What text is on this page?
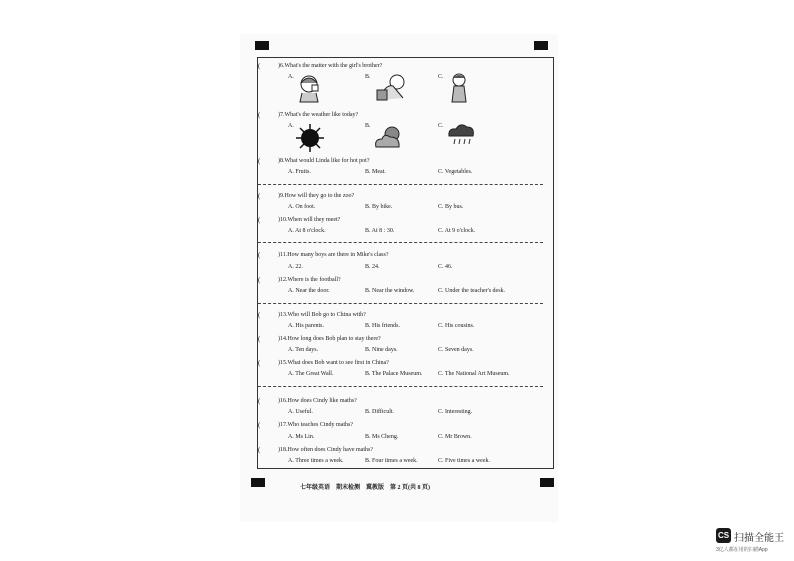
(	)6.What's the matter with the girl's brother?
A.	B.	C.
(	)7.What's the weather like today?
A.	B.	C.
(	)8.What would Linda like for hot pot?
A. Fruits.	B. Meat.	C. Vegetables.
(	)9.How will they go to the zoo?
A. On foot.	B. By bike.	C. By bus.
(	)10.When will they meet?
A. At 8 o'clock.	B. At 8 : 30.	C. At 9 o'clock.
(	)11.How many boys are there in Mike's class?
A. 22.	B. 24.	C. 46.
(	)12.Where is the football?
A. Near the door.	B. Near the window.	C. Under the teacher's desk.
(	)13.Who will Bob go to China with?
A. His parents.	B. His friends.	C. His cousins.
(	)14.How long does Bob plan to stay there?
A. Ten days.	B. Nine days.	C. Seven days.
(	)15.What does Bob want to see first in China?
A. The Great Wall.	B. The Palace Museum.	C. The National Art Museum.
(	)16.How does Cindy like maths?
A. Useful.	B. Difficult.	C. Interesting.
(	)17.Who teaches Cindy maths?
A. Ms Lin.	B. Ms Cheng.	C. Mr Brown.
(	)18.How often does Cindy have maths?
A. Three times a week.	B. Four times a week.	C. Five times a week.
七年级英语　期末检测　冀教版　第 2 页(共 8 页)
CS 扫描全能王
3亿人都在用的扫描App
